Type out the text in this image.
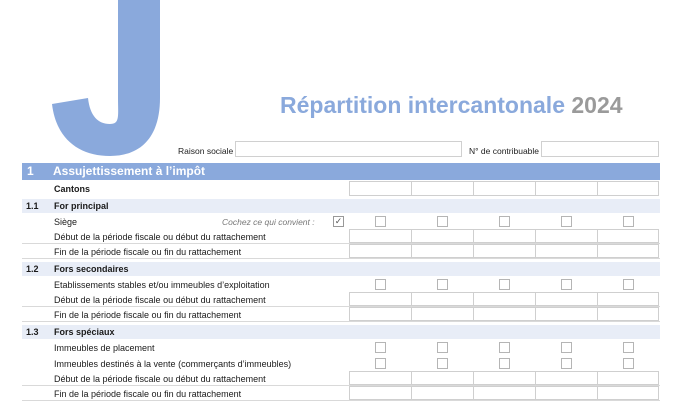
Répartition intercantonale 2024
Raison sociale	N° de contribuable
1 Assujettissement à l’impôt
Cantons
1.1 For principal
Siège	Cochez ce qui convient : ✓
Début de la période fiscale ou début du rattachement
Fin de la période fiscale ou fin du rattachement
1.2 Fors secondaires
Etablissements stables et/ou immeubles d’exploitation
Début de la période fiscale ou début du rattachement
Fin de la période fiscale ou fin du rattachement
1.3 Fors spéciaux
Immeubles de placement
Immeubles destinés à la vente (commerçants d’immeubles)
Début de la période fiscale ou début du rattachement
Fin de la période fiscale ou fin du rattachement
